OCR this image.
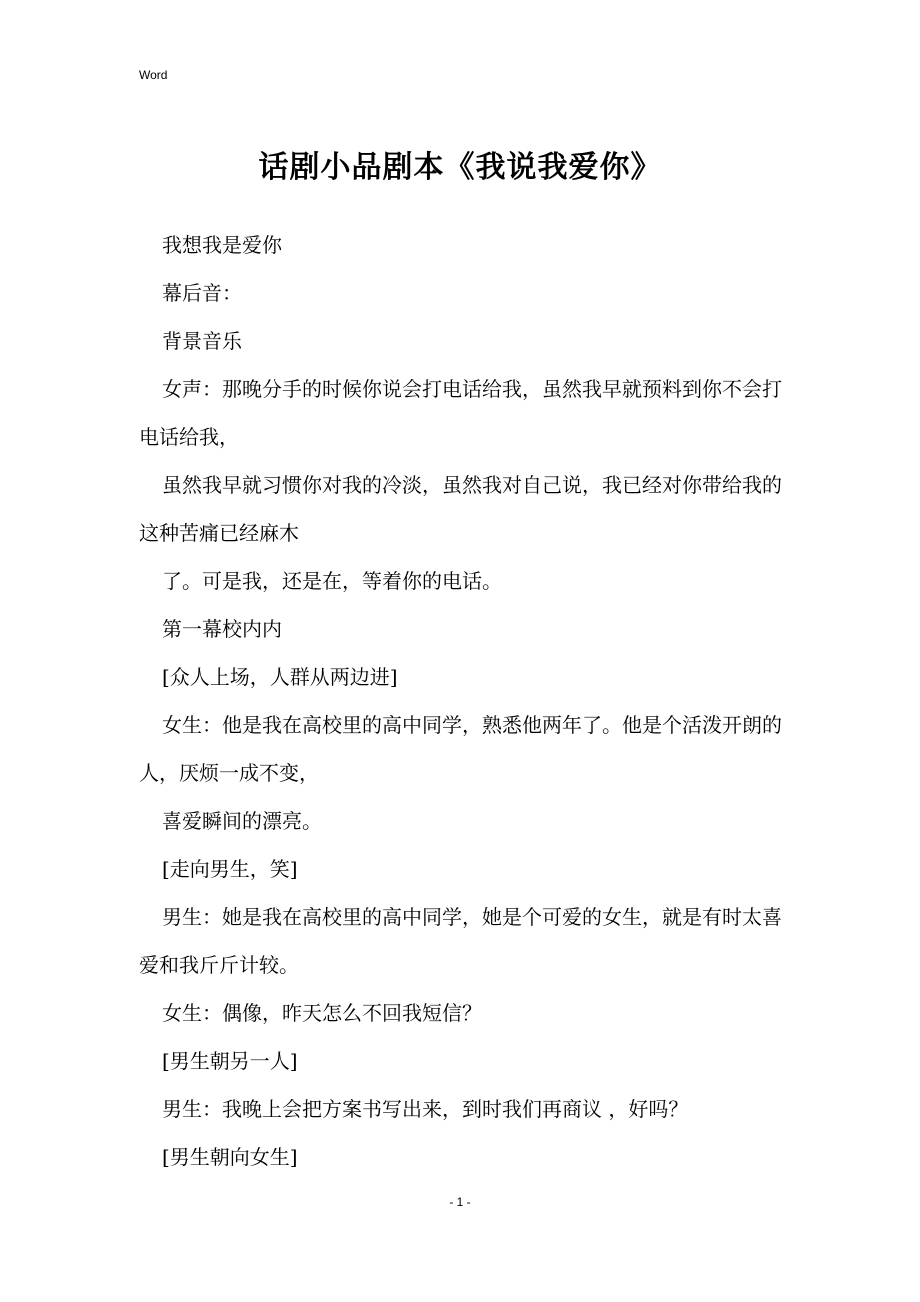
Word
话剧小品剧本《我说我爱你》

我想我是爱你

幕后音：

背景音乐

女声：那晚分手的时候你说会打电话给我，虽然我早就预料到你不会打电话给我，

虽然我早就习惯你对我的冷淡，虽然我对自己说，我已经对你带给我的这种苦痛已经麻木

了。可是我，还是在，等着你的电话。

第一幕校内内

[众人上场，人群从两边进]

女生：他是我在高校里的高中同学，熟悉他两年了。他是个活泼开朗的人，厌烦一成不变，

喜爱瞬间的漂亮。

[走向男生，笑]

男生：她是我在高校里的高中同学，她是个可爱的女生，就是有时太喜爱和我斤斤计较。

女生：偶像，昨天怎么不回我短信？

[男生朝另一人]

男生：我晚上会把方案书写出来，到时我们再商议 ，好吗？

[男生朝向女生]

- 1 -
